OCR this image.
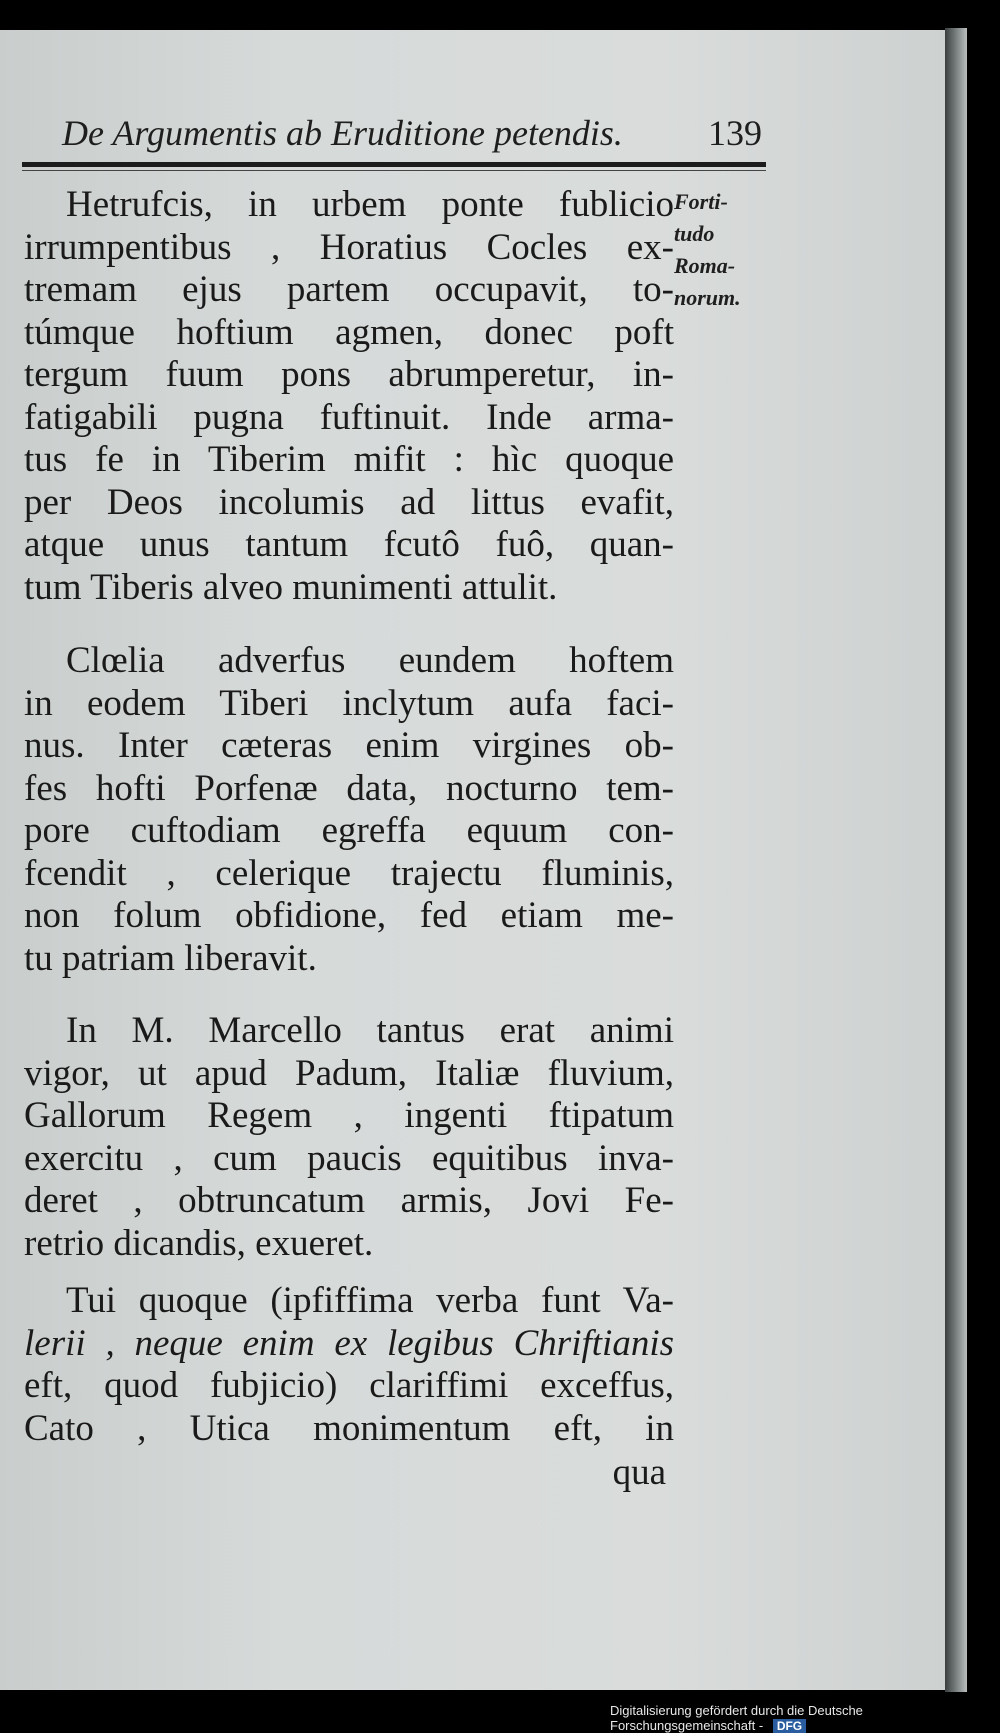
De Argumentis ab Eruditione petendis. 139
Forti-
tudo
Roma-
norum.
Hetrufcis, in urbem ponte fublicio
irrumpentibus , Horatius Cocles ex-
tremam ejus partem occupavit, to-
túmque hoftium agmen, donec poft
tergum fuum pons abrumperetur, in-
fatigabili pugna fuftinuit. Inde arma-
tus fe in Tiberim mifit : hìc quoque
per Deos incolumis ad littus evafit,
atque unus tantum fcutô fuô, quan-
tum Tiberis alveo munimenti attulit.
Clœlia adverfus eundem hoftem
in eodem Tiberi inclytum aufa faci-
nus. Inter cæteras enim virgines ob-
fes hofti Porfenæ data, nocturno tem-
pore cuftodiam egreffa equum con-
fcendit , celerique trajectu fluminis,
non folum obfidione, fed etiam me-
tu patriam liberavit.
In M. Marcello tantus erat animi
vigor, ut apud Padum, Italiæ fluvium,
Gallorum Regem , ingenti ftipatum
exercitu , cum paucis equitibus inva-
deret , obtruncatum armis, Jovi Fe-
retrio dicandis, exueret.
Tui quoque (ipfiffima verba funt Va-
lerii , neque enim ex legibus Chriftianis
eft, quod fubjicio) clariffimi exceffus,
Cato , Utica monimentum eft, in
qua
Digitalisierung gefördert durch die Deutsche Forschungsgemeinschaft - DFG
